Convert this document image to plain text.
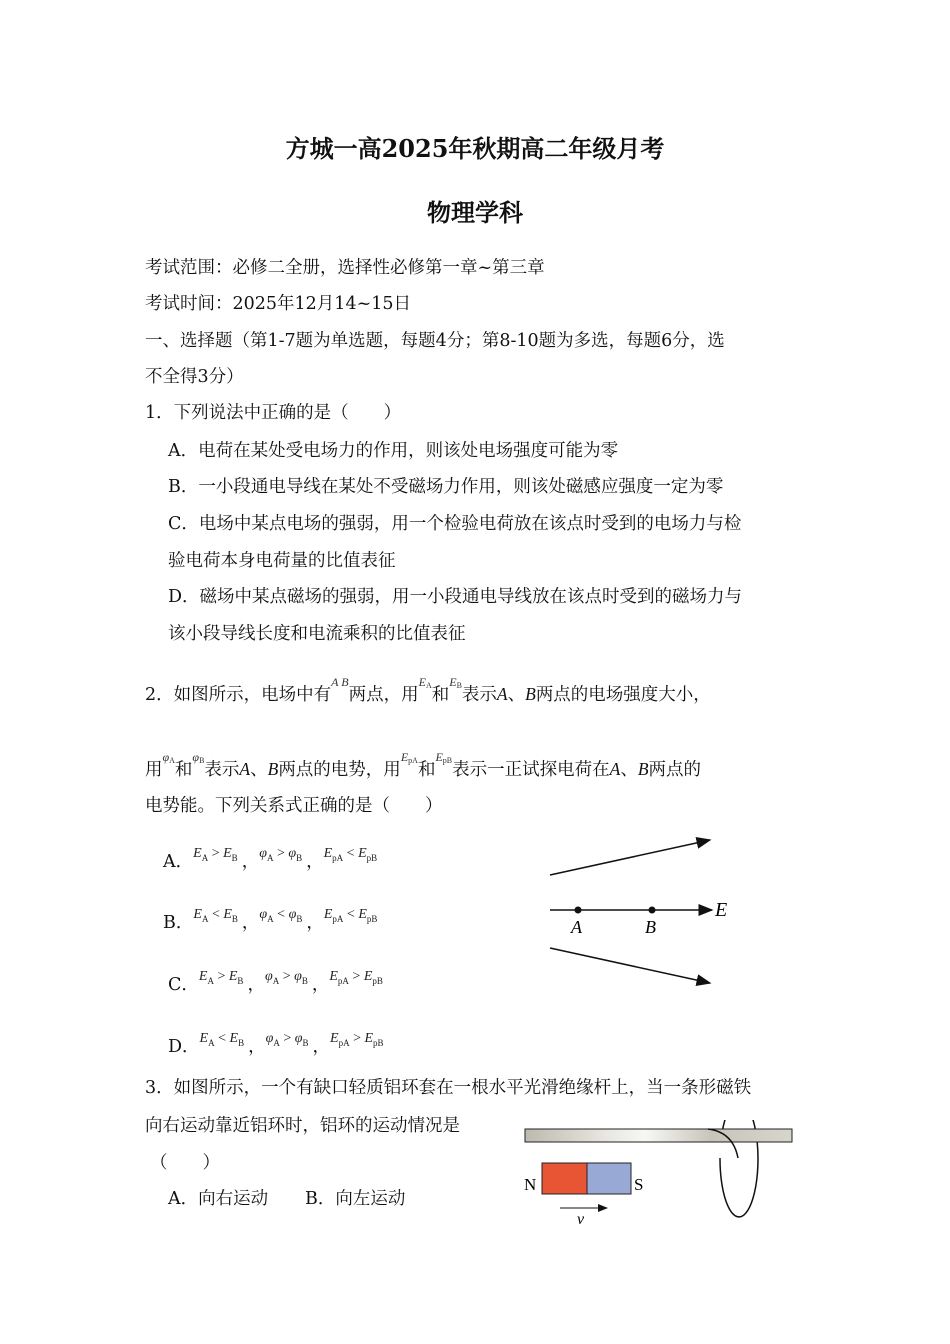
方城一高2025年秋期高二年级月考
物理学科
考试范围：必修二全册，选择性必修第一章~第三章
考试时间：2025年12月14~15日
一、选择题（第1-7题为单选题，每题4分；第8-10题为多选，每题6分，选
不全得3分）
1．下列说法中正确的是（　　）
A．电荷在某处受电场力的作用，则该处电场强度可能为零
B．一小段通电导线在某处不受磁场力作用，则该处磁感应强度一定为零
C．电场中某点电场的强弱，用一个检验电荷放在该点时受到的电场力与检
验电荷本身电荷量的比值表征
D．磁场中某点磁场的强弱，用一小段通电导线放在该点时受到的磁场力与
该小段导线长度和电流乘积的比值表征
2．如图所示，电场中有$^{A B}$两点，用$^{E_A}$和$^{E_B}$表示A、B两点的电场强度大小，
用$^{\varphi_A}$和$^{\varphi_B}$表示A、B两点的电势，用$^{E_{pA}}$和$^{E_{pB}}$表示一正试探电荷在A、B两点的
电势能。下列关系式正确的是（　　）
A．$^{E_A > E_B}$ ，$^{\varphi_A > \varphi_B}$ ，$^{E_{pA} < E_{pB}}$
B．$^{E_A < E_B}$ ，$^{\varphi_A < \varphi_B}$ ，$^{E_{pA} < E_{pB}}$
C．$^{E_A > E_B}$ ，$^{\varphi_A > \varphi_B}$ ，$^{E_{pA} > E_{pB}}$
D．$^{E_A < E_B}$ ，$^{\varphi_A > \varphi_B}$ ，$^{E_{pA} > E_{pB}}$
A	B
E
3．如图所示，一个有缺口轻质铝环套在一根水平光滑绝缘杆上，当一条形磁铁
向右运动靠近铝环时，铝环的运动情况是
（　　）
A．向右运动 B．向左运动
N	S
v
